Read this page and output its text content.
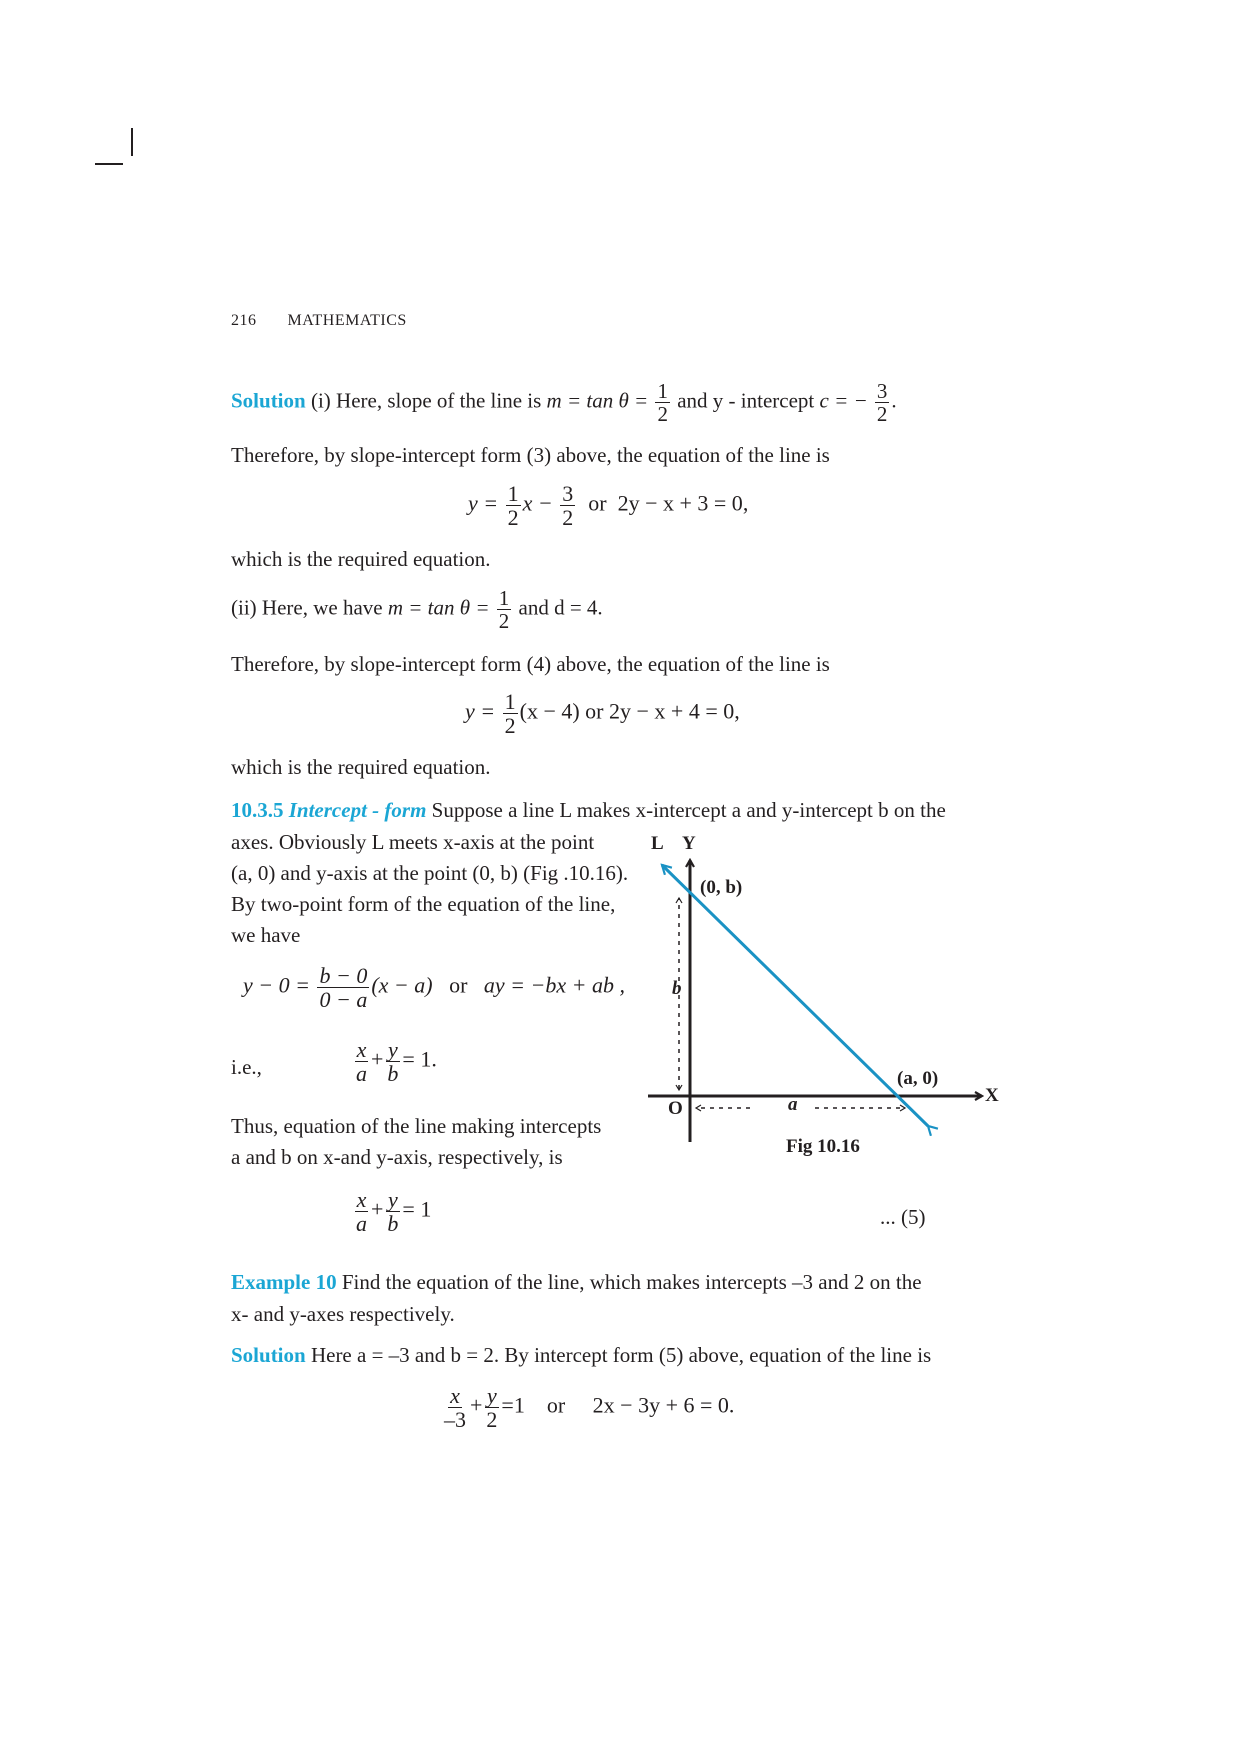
216 MATHEMATICS
Solution (i) Here, slope of the line is $m = \tan \theta = \frac{1}{2}$ and y - intercept c = − $\frac{3}{2}$ .
Therefore, by slope-intercept form (3) above, the equation of the line is
$y = \frac{1}{2}$ $x - \frac{3}{2}$ or 2y − x + 3 = 0,
which is the required equation.
(ii) Here, we have $m = \tan \theta = \frac{1}{2}$ and d = 4.
Therefore, by slope-intercept form (4) above, the equation of the line is
$y = \frac{1}{2} (x - 4)$ or 2y − x + 4 = 0,
which is the required equation.
10.3.5 Intercept - form Suppose a line L makes x-intercept a and y-intercept b on the
axes. Obviously L meets x-axis at the point
(a, 0) and y-axis at the point (0, b) (Fig .10.16).
By two-point form of the equation of the line,
we have
$y - 0 = \frac{b - 0}{0 - a} (x - a)$ or ay = −bx + ab ,
i.e.,	$\frac{x}{a} + \frac{y}{b} = 1$.
Thus, equation of the line making intercepts
a and b on x-and y-axis, respectively, is
$\frac{x}{a} + \frac{y}{b} = 1$	... (5)
L Y
X
O
(0, b)
(a, 0)
b
a
Fig 10.16
Example 10 Find the equation of the line, which makes intercepts –3 and 2 on the
x- and y-axes respectively.
Solution Here a = –3 and b = 2. By intercept form (5) above, equation of the line is
$\frac{x}{-3} + \frac{y}{2} =1$ or 2x − 3y + 6 = 0.
